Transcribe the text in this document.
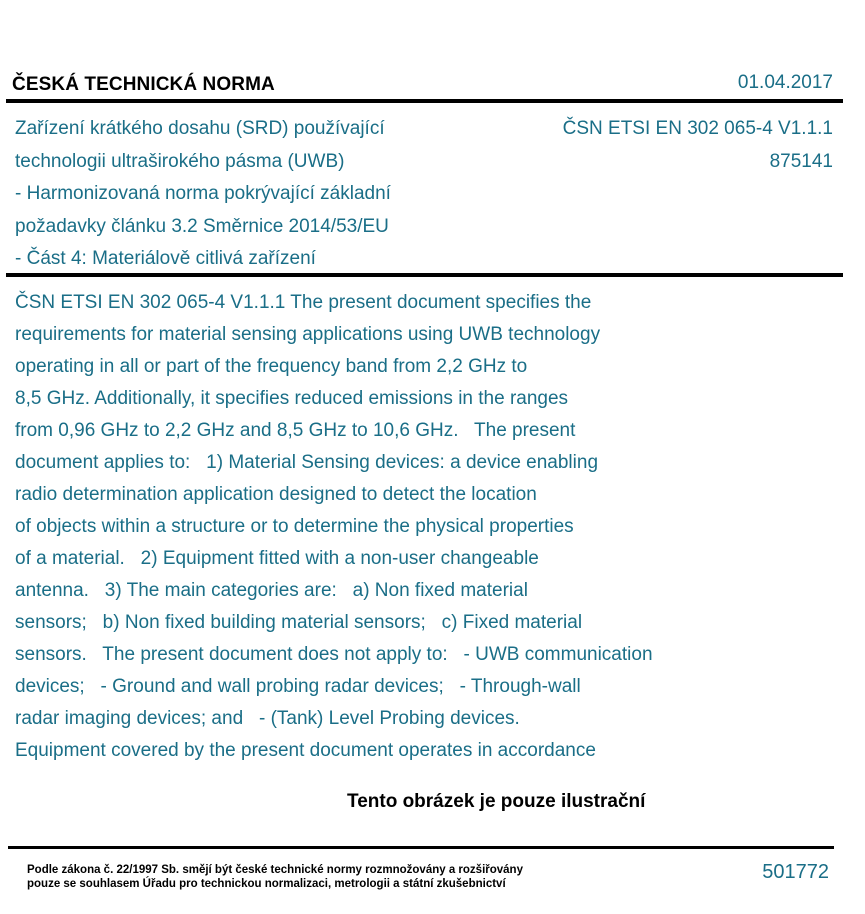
ČESKÁ TECHNICKÁ NORMA	01.04.2017
Zařízení krátkého dosahu (SRD) používající
technologii ultraširokého pásma (UWB)
- Harmonizovaná norma pokrývající základní
požadavky článku 3.2 Směrnice 2014/53/EU
- Část 4: Materiálově citlivá zařízení
ČSN ETSI EN 302 065-4 V1.1.1
875141
ČSN ETSI EN 302 065-4 V1.1.1 The present document specifies the
requirements for material sensing applications using UWB technology
operating in all or part of the frequency band from 2,2 GHz to
8,5 GHz. Additionally, it specifies reduced emissions in the ranges
from 0,96 GHz to 2,2 GHz and 8,5 GHz to 10,6 GHz.   The present
document applies to:   1) Material Sensing devices: a device enabling
radio determination application designed to detect the location
of objects within a structure or to determine the physical properties
of a material.   2) Equipment fitted with a non-user changeable
antenna.   3) The main categories are:   a) Non fixed material
sensors;   b) Non fixed building material sensors;   c) Fixed material
sensors.   The present document does not apply to:   - UWB communication
devices;   - Ground and wall probing radar devices;   - Through-wall
radar imaging devices; and   - (Tank) Level Probing devices.
Equipment covered by the present document operates in accordance
Tento obrázek je pouze ilustrační
Podle zákona č. 22/1997 Sb. smějí být české technické normy rozmnožovány a rozšiřovány
pouze se souhlasem Úřadu pro technickou normalizaci, metrologii a státní zkušebnictví
501772
